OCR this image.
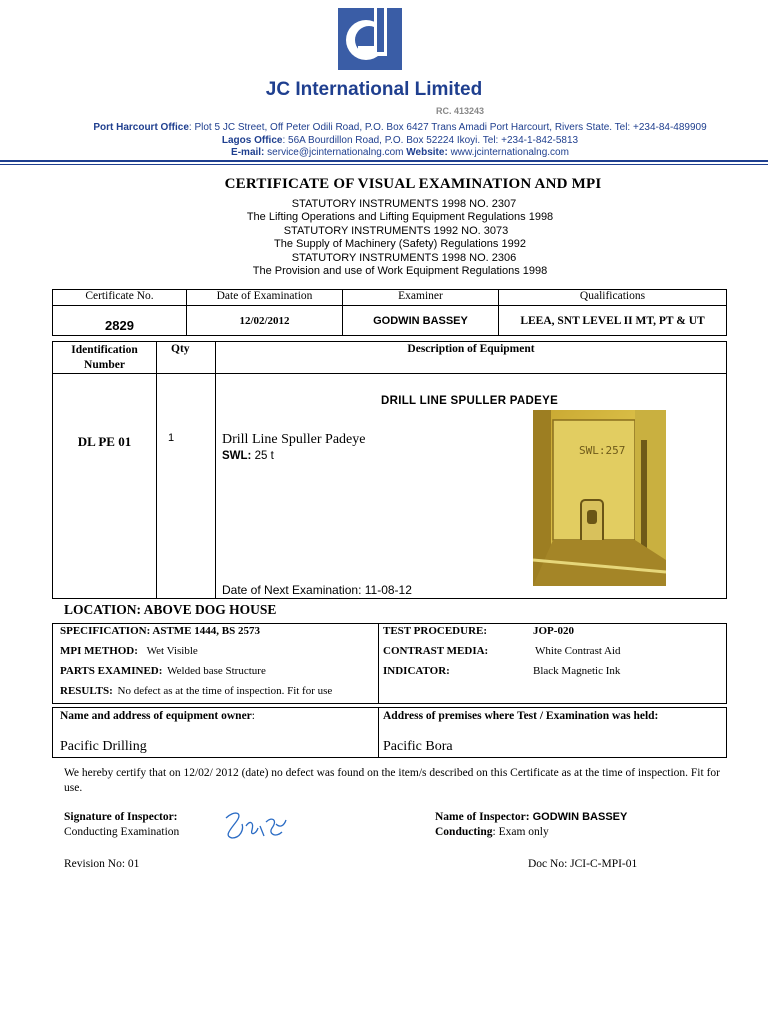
JC International Limited
RC. 413243
Port Harcourt Office: Plot 5 JC Street, Off Peter Odili Road, P.O. Box 6427 Trans Amadi Port Harcourt, Rivers State. Tel: +234-84-489909
Lagos Office: 56A Bourdillon Road, P.O. Box 52224 Ikoyi. Tel: +234-1-842-5813
E-mail: service@jcinternationalng.com Website: www.jcinternationalng.com
CERTIFICATE OF VISUAL EXAMINATION AND MPI
STATUTORY INSTRUMENTS 1998 NO. 2307
The Lifting Operations and Lifting Equipment Regulations 1998
STATUTORY INSTRUMENTS 1992 NO. 3073
The Supply of Machinery (Safety) Regulations 1992
STATUTORY INSTRUMENTS 1998 NO. 2306
The Provision and use of Work Equipment Regulations 1998
Certificate No.	Date of Examination	Examiner	Qualifications
2829	12/02/2012	GODWIN BASSEY	LEEA, SNT LEVEL II MT, PT & UT
Identification Number	Qty	Description of Equipment
DL PE 01	1	DRILL LINE SPULLER PADEYE
Drill Line Spuller Padeye
SWL: 25 t
Date of Next Examination: 11-08-12
SWL:257
LOCATION: ABOVE DOG HOUSE
SPECIFICATION: ASTME 1444, BS 2573
MPI METHOD: Wet Visible
PARTS EXAMINED: Welded base Structure
RESULTS: No defect as at the time of inspection. Fit for use

TEST PROCEDURE:	JOP-020
CONTRAST MEDIA:	White Contrast Aid
INDICATOR:	Black Magnetic Ink
Name and address of equipment owner:
Pacific Drilling

Address of premises where Test / Examination was held:
Pacific Bora
We hereby certify that on 12/02/ 2012 (date) no defect was found on the item/s described on this Certificate as at the time of inspection. Fit for use.
Signature of Inspector:
Conducting Examination
Name of Inspector: GODWIN BASSEY
Conducting: Exam only
Revision No: 01	Doc No: JCI-C-MPI-01
